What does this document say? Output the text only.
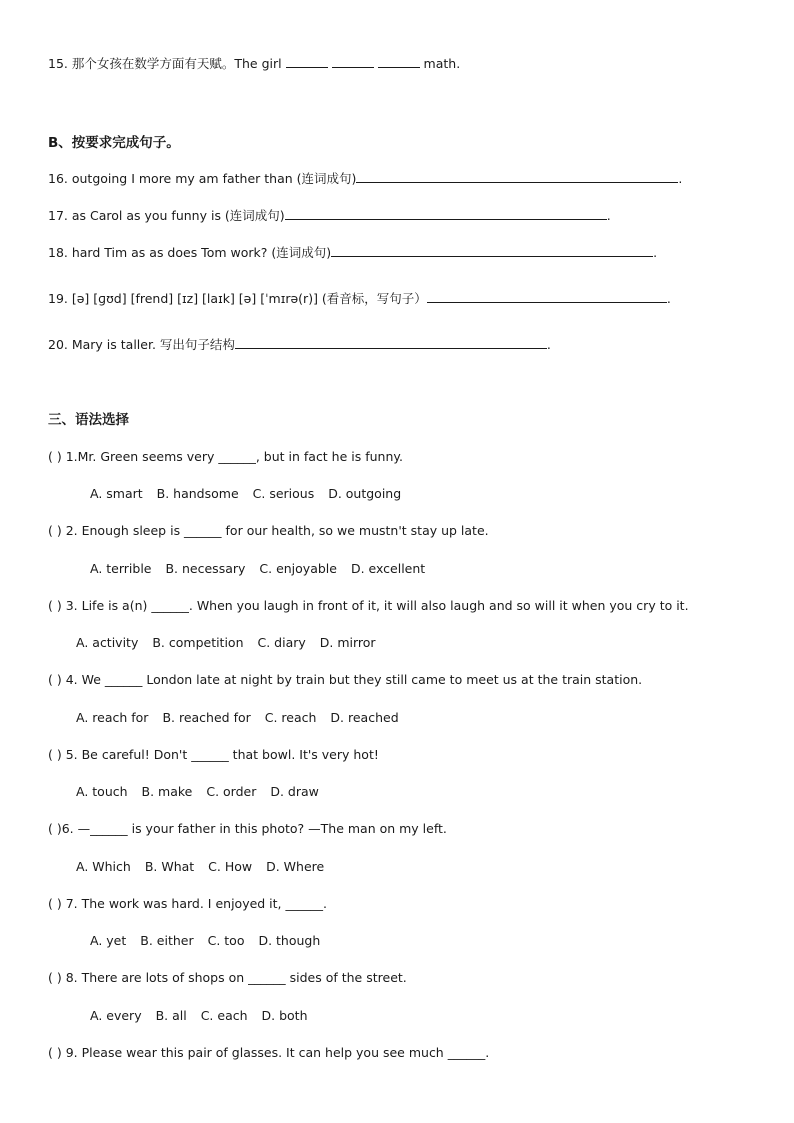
15. 那个女孩在数学方面有天赋。The girl	math.
B、按要求完成句子。
16. outgoing I more my am father than (连词成句)	.
17. as Carol as you funny is (连词成句)	.
18. hard Tim as as does Tom work? (连词成句)	.
19. [ə] [ɡʊd] [frend] [ɪz] [laɪk] [ə] [ˈmɪrə(r)] (看音标，写句子）	.
20. Mary is taller. 写出句子结构	.
三、语法选择
( ) 1.Mr. Green seems very ______, but in fact he is funny.
A. smart B. handsome C. serious D. outgoing
( ) 2. Enough sleep is ______ for our health, so we mustn't stay up late.
A. terrible B. necessary C. enjoyable D. excellent
( ) 3. Life is a(n) ______. When you laugh in front of it, it will also laugh and so will it when you cry to it.
A. activity B. competition C. diary D. mirror
( ) 4. We ______ London late at night by train but they still came to meet us at the train station.
A. reach for B. reached for C. reach D. reached
( ) 5. Be careful! Don't ______ that bowl. It's very hot!
A. touch B. make C. order D. draw
( )6. —______ is your father in this photo? —The man on my left.
A. Which B. What C. How D. Where
( ) 7. The work was hard. I enjoyed it, ______.
A. yet B. either C. too D. though
( ) 8. There are lots of shops on ______ sides of the street.
A. every B. all C. each D. both
( ) 9. Please wear this pair of glasses. It can help you see much ______.
